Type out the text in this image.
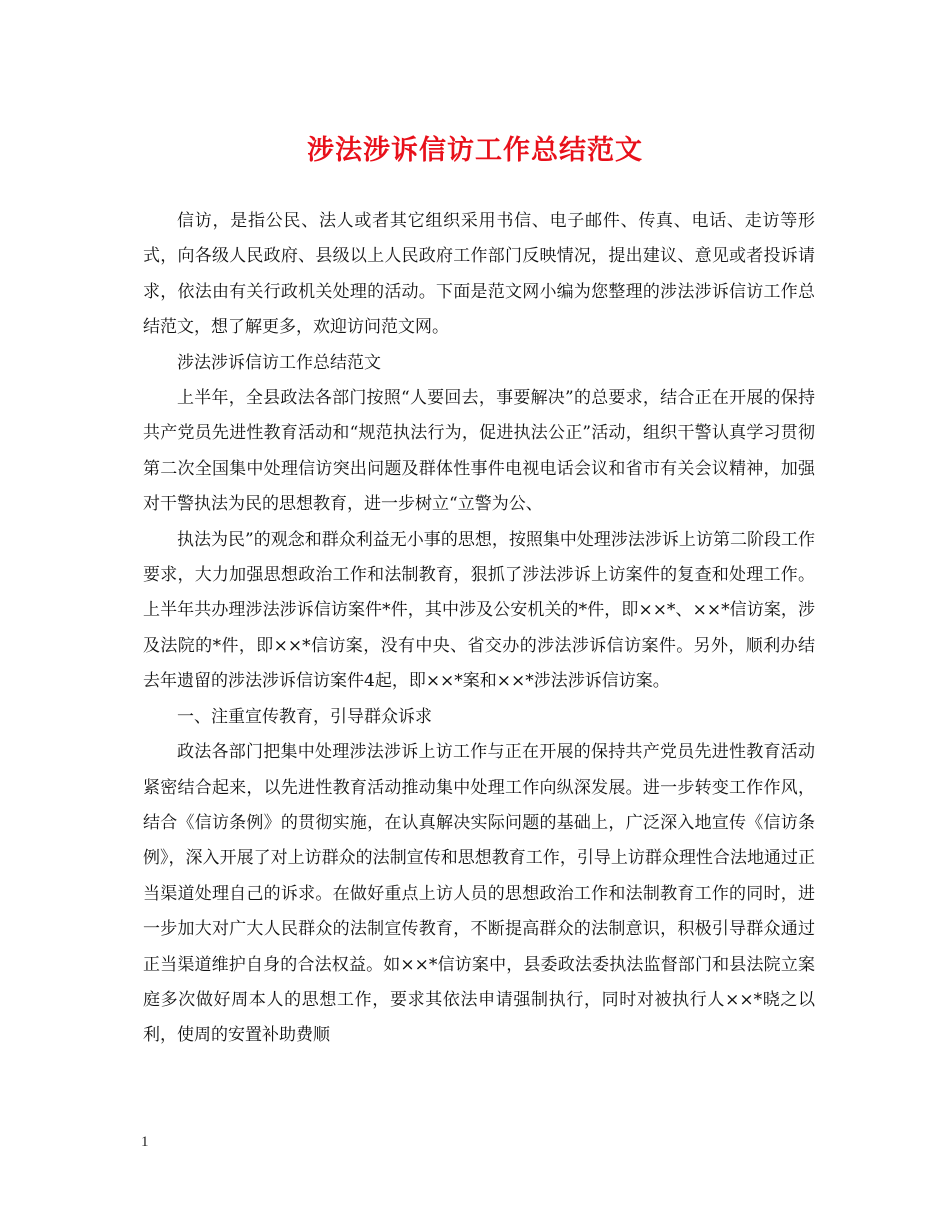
涉法涉诉信访工作总结范文

信访，是指公民、法人或者其它组织采用书信、电子邮件、传真、电话、走访等形式，向各级人民政府、县级以上人民政府工作部门反映情况，提出建议、意见或者投诉请求，依法由有关行政机关处理的活动。下面是范文网小编为您整理的涉法涉诉信访工作总结范文，想了解更多，欢迎访问范文网。

涉法涉诉信访工作总结范文

上半年，全县政法各部门按照“人要回去，事要解决”的总要求，结合正在开展的保持共产党员先进性教育活动和“规范执法行为，促进执法公正”活动，组织干警认真学习贯彻第二次全国集中处理信访突出问题及群体性事件电视电话会议和省市有关会议精神，加强对干警执法为民的思想教育，进一步树立“立警为公、

执法为民”的观念和群众利益无小事的思想，按照集中处理涉法涉诉上访第二阶段工作要求，大力加强思想政治工作和法制教育，狠抓了涉法涉诉上访案件的复查和处理工作。上半年共办理涉法涉诉信访案件*件，其中涉及公安机关的*件，即××*、××*信访案，涉及法院的*件，即××*信访案，没有中央、省交办的涉法涉诉信访案件。另外，顺利办结去年遗留的涉法涉诉信访案件4起，即××*案和××*涉法涉诉信访案。

一、注重宣传教育，引导群众诉求

政法各部门把集中处理涉法涉诉上访工作与正在开展的保持共产党员先进性教育活动紧密结合起来，以先进性教育活动推动集中处理工作向纵深发展。进一步转变工作作风，结合《信访条例》的贯彻实施，在认真解决实际问题的基础上，广泛深入地宣传《信访条例》，深入开展了对上访群众的法制宣传和思想教育工作，引导上访群众理性合法地通过正当渠道处理自己的诉求。在做好重点上访人员的思想政治工作和法制教育工作的同时，进一步加大对广大人民群众的法制宣传教育，不断提高群众的法制意识，积极引导群众通过正当渠道维护自身的合法权益。如××*信访案中，县委政法委执法监督部门和县法院立案庭多次做好周本人的思想工作，要求其依法申请强制执行，同时对被执行人××*晓之以利，使周的安置补助费顺

1
